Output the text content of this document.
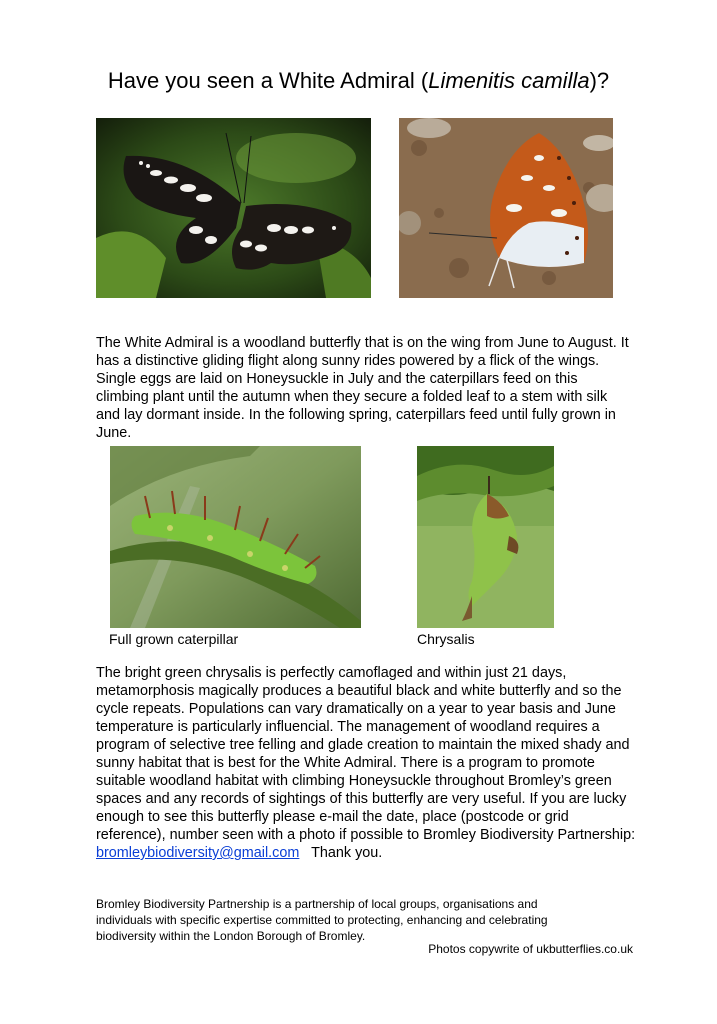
Have you seen a White Admiral (Limenitis camilla)?

The White Admiral is a woodland butterfly that is on the wing from June to August. It has a distinctive gliding flight along sunny rides powered by a flick of the wings. Single eggs are laid on Honeysuckle in July and the caterpillars feed on this climbing plant until the autumn when they secure a folded leaf to a stem with silk and lay dormant inside. In the following spring, caterpillars feed until fully grown in June.

Full grown caterpillar	Chrysalis

The bright green chrysalis is perfectly camoflaged and within just 21 days, metamorphosis magically produces a beautiful black and white butterfly and so the cycle repeats. Populations can vary dramatically on a year to year basis and June temperature is particularly influencial. The management of woodland requires a program of selective tree felling and glade creation to maintain the mixed shady and sunny habitat that is best for the White Admiral. There is a program to promote suitable woodland habitat with climbing Honeysuckle throughout Bromley’s green spaces and any records of sightings of this butterfly are very useful. If you are lucky enough to see this butterfly please e-mail the date, place (postcode or grid reference), number seen with a photo if possible to Bromley Biodiversity Partnership:

bromleybiodiversity@gmail.com Thank you.

Bromley Biodiversity Partnership is a partnership of local groups, organisations and individuals with specific expertise committed to protecting, enhancing and celebrating biodiversity within the London Borough of Bromley.

Photos copywrite of ukbutterflies.co.uk
